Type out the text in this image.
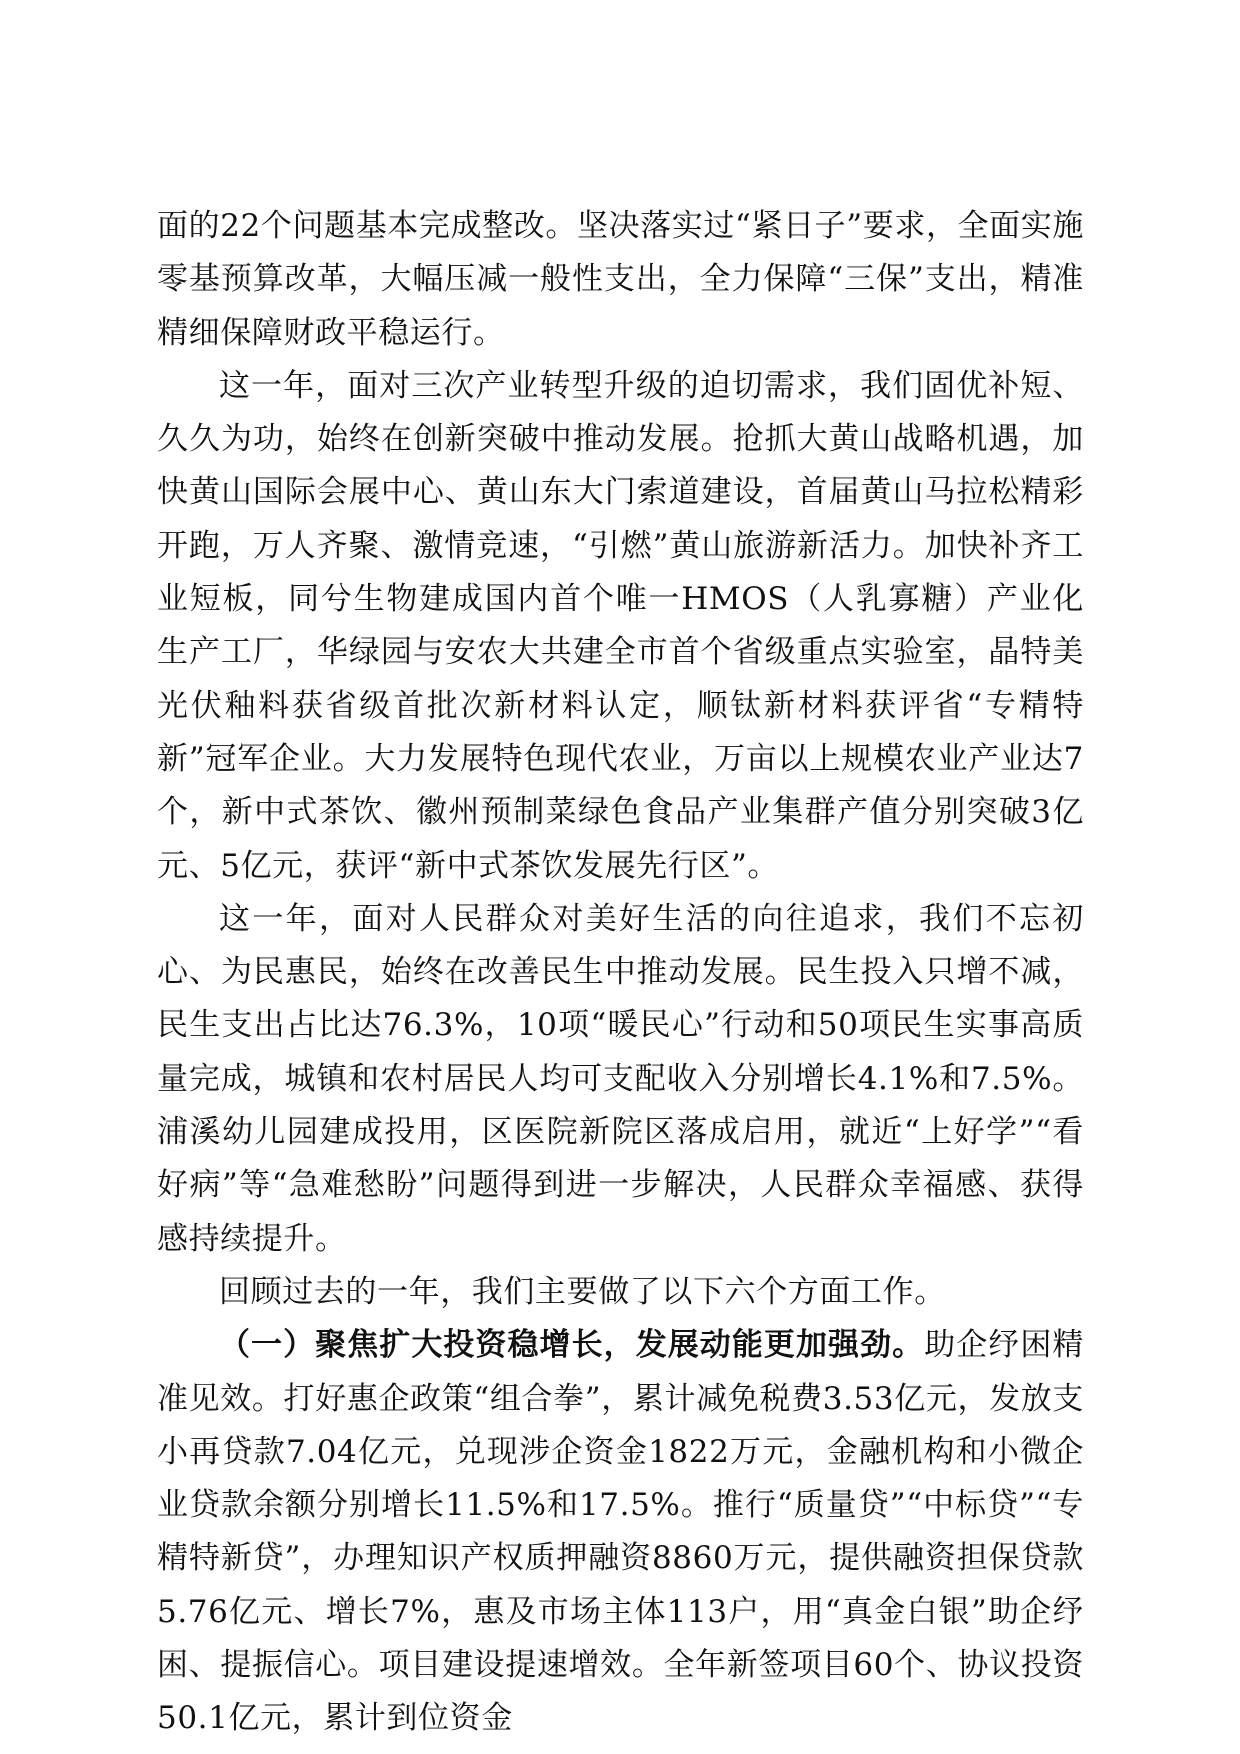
面的22个问题基本完成整改。坚决落实过“紧日子”要求，全面实施零基预算改革，大幅压减一般性支出，全力保障“三保”支出，精准精细保障财政平稳运行。

这一年，面对三次产业转型升级的迫切需求，我们固优补短、久久为功，始终在创新突破中推动发展。抢抓大黄山战略机遇，加快黄山国际会展中心、黄山东大门索道建设，首届黄山马拉松精彩开跑，万人齐聚、激情竞速，“引燃”黄山旅游新活力。加快补齐工业短板，同兮生物建成国内首个唯一HMOS（人乳寡糖）产业化生产工厂，华绿园与安农大共建全市首个省级重点实验室，晶特美光伏釉料获省级首批次新材料认定，顺钛新材料获评省“专精特新”冠军企业。大力发展特色现代农业，万亩以上规模农业产业达7个，新中式茶饮、徽州预制菜绿色食品产业集群产值分别突破3亿元、5亿元，获评“新中式茶饮发展先行区”。

这一年，面对人民群众对美好生活的向往追求，我们不忘初心、为民惠民，始终在改善民生中推动发展。民生投入只增不减，民生支出占比达76.3%，10项“暖民心”行动和50项民生实事高质量完成，城镇和农村居民人均可支配收入分别增长4.1%和7.5%。浦溪幼儿园建成投用，区医院新院区落成启用，就近“上好学”“看好病”等“急难愁盼”问题得到进一步解决，人民群众幸福感、获得感持续提升。

回顾过去的一年，我们主要做了以下六个方面工作。

（一）聚焦扩大投资稳增长，发展动能更加强劲。助企纾困精准见效。打好惠企政策“组合拳”，累计减免税费3.53亿元，发放支小再贷款7.04亿元，兑现涉企资金1822万元，金融机构和小微企业贷款余额分别增长11.5%和17.5%。推行“质量贷”“中标贷”“专精特新贷”，办理知识产权质押融资8860万元，提供融资担保贷款5.76亿元、增长7%，惠及市场主体113户，用“真金白银”助企纾困、提振信心。项目建设提速增效。全年新签项目60个、协议投资50.1亿元，累计到位资金
